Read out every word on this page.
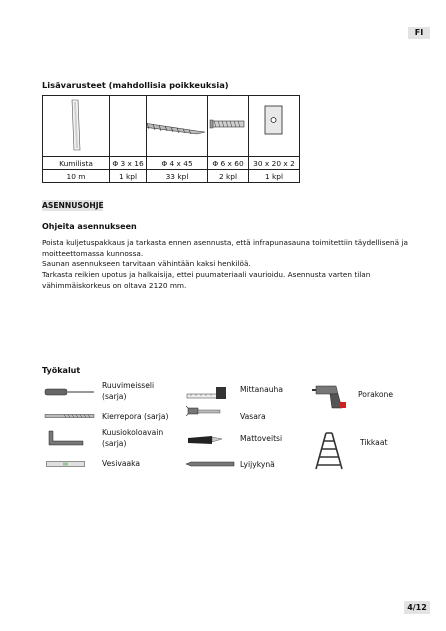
FI
Lisävarusteet (mahdollisia poikkeuksia)

Kumilista	Φ 3 x 16	Φ 4 x 45	Φ 6 x 60	30 x 20 x 2
10 m	1 kpl	33 kpl	2 kpl	1 kpl
ASENNUSOHJE
Ohjeita asennukseen
Poista kuljetuspakkaus ja tarkasta ennen asennusta, että infrapunasauna toimitettiin täydellisenä ja moitteettomassa kunnossa.
Saunan asennukseen tarvitaan vähintään kaksi henkilöä.
Tarkasta reikien upotus ja halkaisija, ettei puumateriaali vaurioidu. Asennusta varten tilan vähimmäiskorkeus on oltava 2120 mm.
Työkalut
Ruuvimeisseli (sarja)
Kierrepora (sarja)
Kuusiokoloavain (sarja)
Vesivaaka
Mittanauha
Vasara
Mattoveitsi
Lyijykynä
Porakone
Tikkaat
4/12
